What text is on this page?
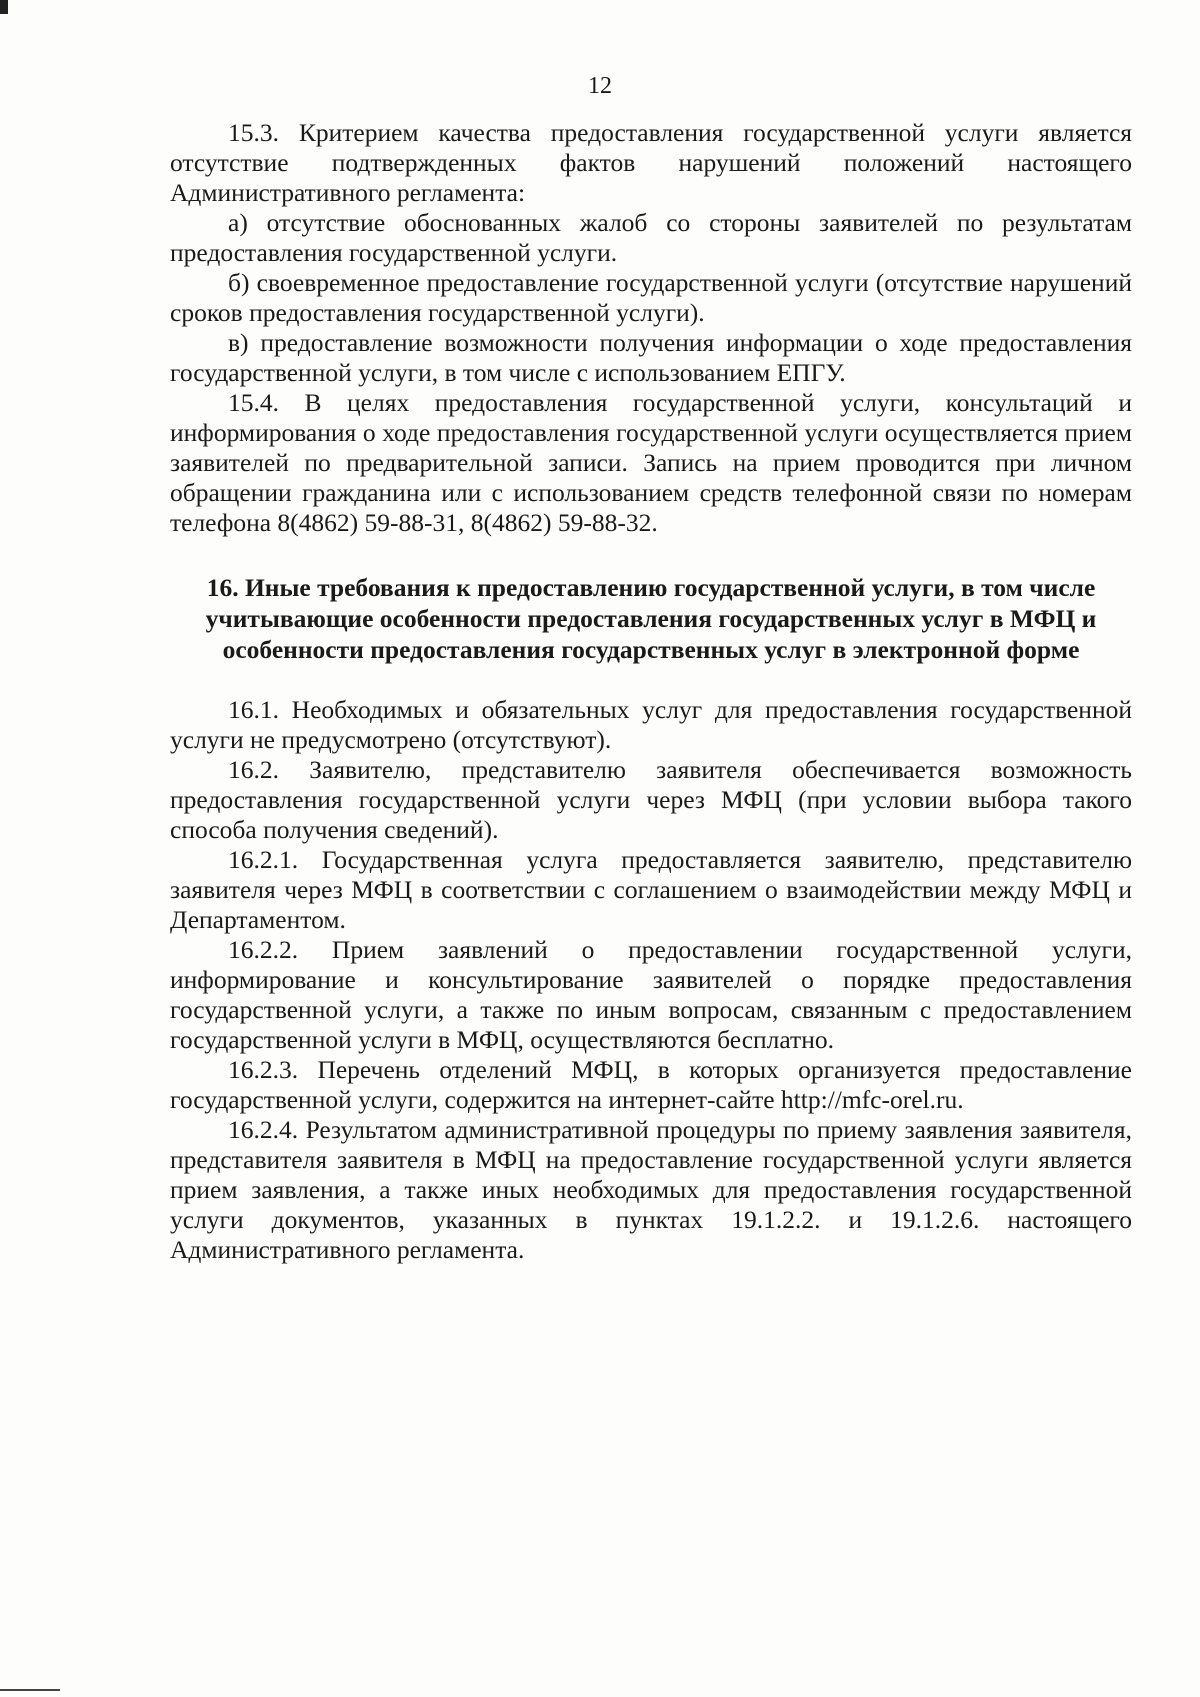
12

15.3. Критерием качества предоставления государственной услуги является отсутствие подтвержденных фактов нарушений положений настоящего Административного регламента:

а) отсутствие обоснованных жалоб со стороны заявителей по результатам предоставления государственной услуги.

б) своевременное предоставление государственной услуги (отсутствие нарушений сроков предоставления государственной услуги).

в) предоставление возможности получения информации о ходе предоставления государственной услуги, в том числе с использованием ЕПГУ.

15.4. В целях предоставления государственной услуги, консультаций и информирования о ходе предоставления государственной услуги осуществляется прием заявителей по предварительной записи. Запись на прием проводится при личном обращении гражданина или с использованием средств телефонной связи по номерам телефона 8(4862) 59-88-31, 8(4862) 59-88-32.

16. Иные требования к предоставлению государственной услуги, в том числе учитывающие особенности предоставления государственных услуг в МФЦ и особенности предоставления государственных услуг в электронной форме

16.1. Необходимых и обязательных услуг для предоставления государственной услуги не предусмотрено (отсутствуют).

16.2. Заявителю, представителю заявителя обеспечивается возможность предоставления государственной услуги через МФЦ (при условии выбора такого способа получения сведений).

16.2.1. Государственная услуга предоставляется заявителю, представителю заявителя через МФЦ в соответствии с соглашением о взаимодействии между МФЦ и Департаментом.

16.2.2. Прием заявлений о предоставлении государственной услуги, информирование и консультирование заявителей о порядке предоставления государственной услуги, а также по иным вопросам, связанным с предоставлением государственной услуги в МФЦ, осуществляются бесплатно.

16.2.3. Перечень отделений МФЦ, в которых организуется предоставление государственной услуги, содержится на интернет-сайте http://mfc-orel.ru.

16.2.4. Результатом административной процедуры по приему заявления заявителя, представителя заявителя в МФЦ на предоставление государственной услуги является прием заявления, а также иных необходимых для предоставления государственной услуги документов, указанных в пунктах 19.1.2.2. и 19.1.2.6. настоящего Административного регламента.
